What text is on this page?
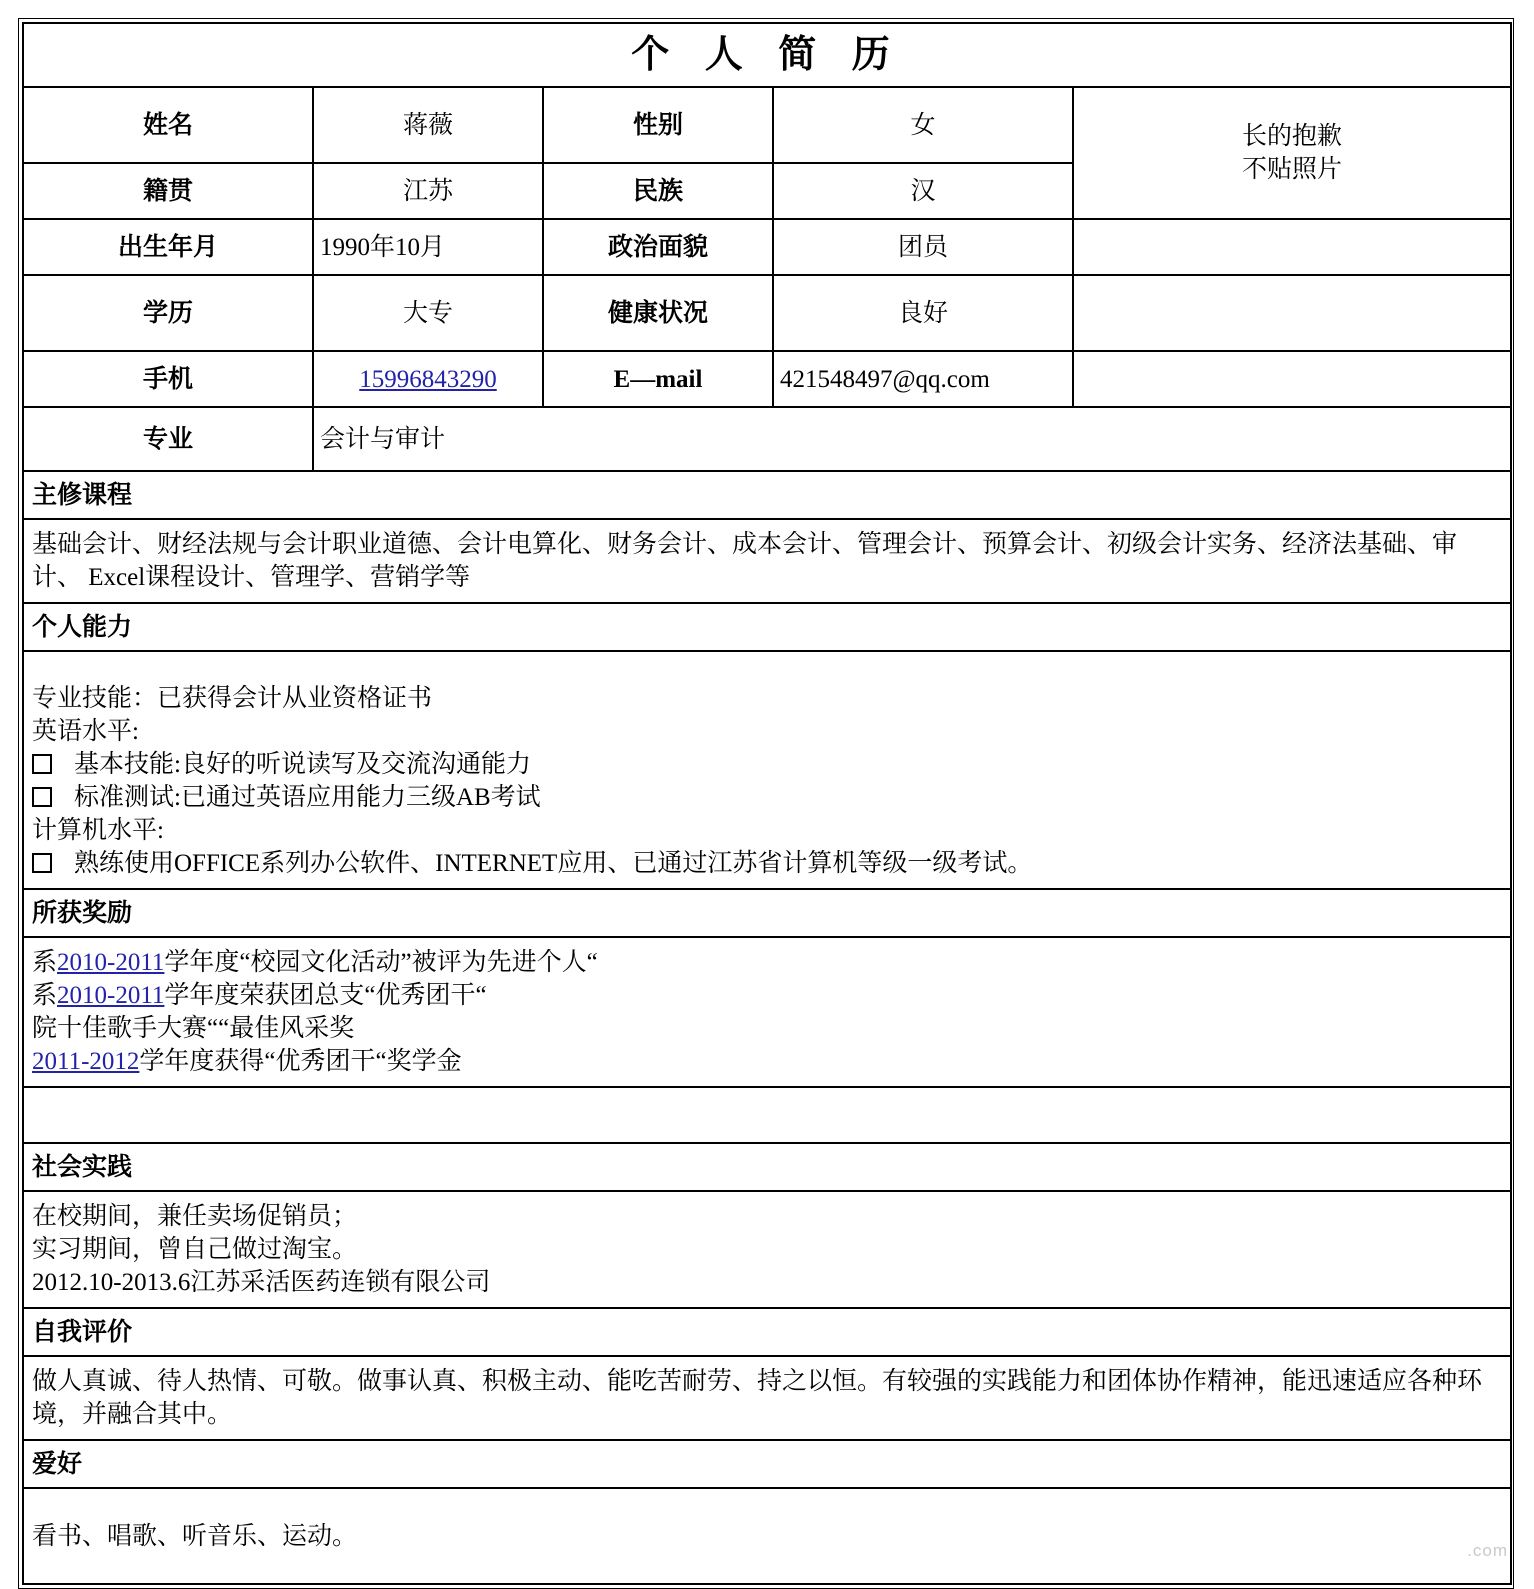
个 人 简 历				
姓名	蒋薇	性别	女	长的抱歉
不贴照片

籍贯	江苏	民族	汉	
出生年月	1990年10月	政治面貌	团员	
学历	大专	健康状况	良好	
手机	15996843290	E—mail	421548497@qq.com	
专业	会计与审计			
主修课程				
基础会计、财经法规与会计职业道德、会计电算化、财务会计、成本会计、管理会计、预算会计、初级会计实务、经济法基础、审计、 Excel课程设计、管理学、营销学等				
个人能力				

专业技能：已获得会计从业资格证书
英语水平:
基本技能:良好的听说读写及交流沟通能力
标准测试:已通过英语应用能力三级AB考试
计算机水平:
熟练使用OFFICE系列办公软件、INTERNET应用、已通过江苏省计算机等级一级考试。

所获奖励				

系2010-2011学年度“校园文化活动”被评为先进个人“
系2010-2011学年度荣获团总支“优秀团干“
院十佳歌手大赛““最佳风采奖
2011-2012学年度获得“优秀团干“奖学金				

社会实践				

在校期间，兼任卖场促销员；
实习期间，曾自己做过淘宝。
2012.10-2013.6江苏采活医药连锁有限公司				

自我评价				
做人真诚、待人热情、可敬。做事认真、积极主动、能吃苦耐劳、持之以恒。有较强的实践能力和团体协作精神，能迅速适应各种环境，并融合其中。				
爱好				
看书、唱歌、听音乐、运动。				
.com
